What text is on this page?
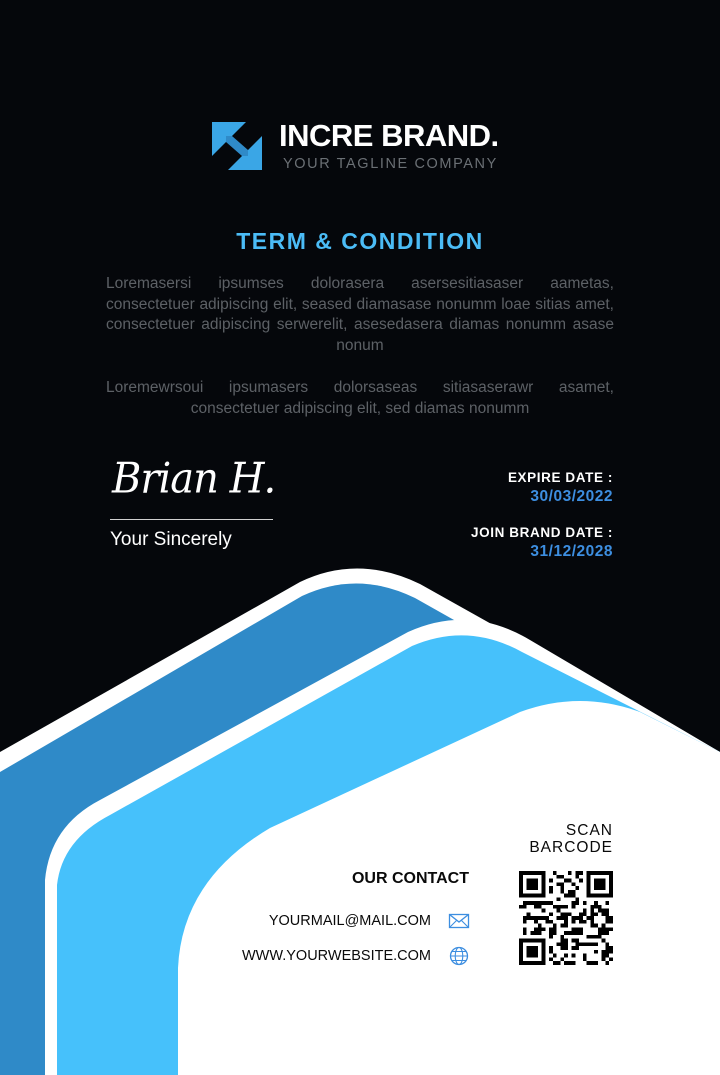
INCRE BRAND.
YOUR TAGLINE COMPANY
TERM & CONDITION
Loremasersi ipsumses dolorasera asersesitiasaser aametas, consectetuer adipiscing elit, seased diamasase nonumm loae sitias amet, consectetuer adipiscing serwerelit, asesedasera diamas nonumm asase nonum
Loremewrsoui ipsumasers dolorsaseas sitiasaserawr asamet, consectetuer adipiscing elit, sed diamas nonumm
Brian H.
Your Sincerely
EXPIRE DATE :
30/03/2022
JOIN BRAND DATE :
31/12/2028
SCAN
BARCODE
OUR CONTACT
YOURMAIL@MAIL.COM
WWW.YOURWEBSITE.COM
